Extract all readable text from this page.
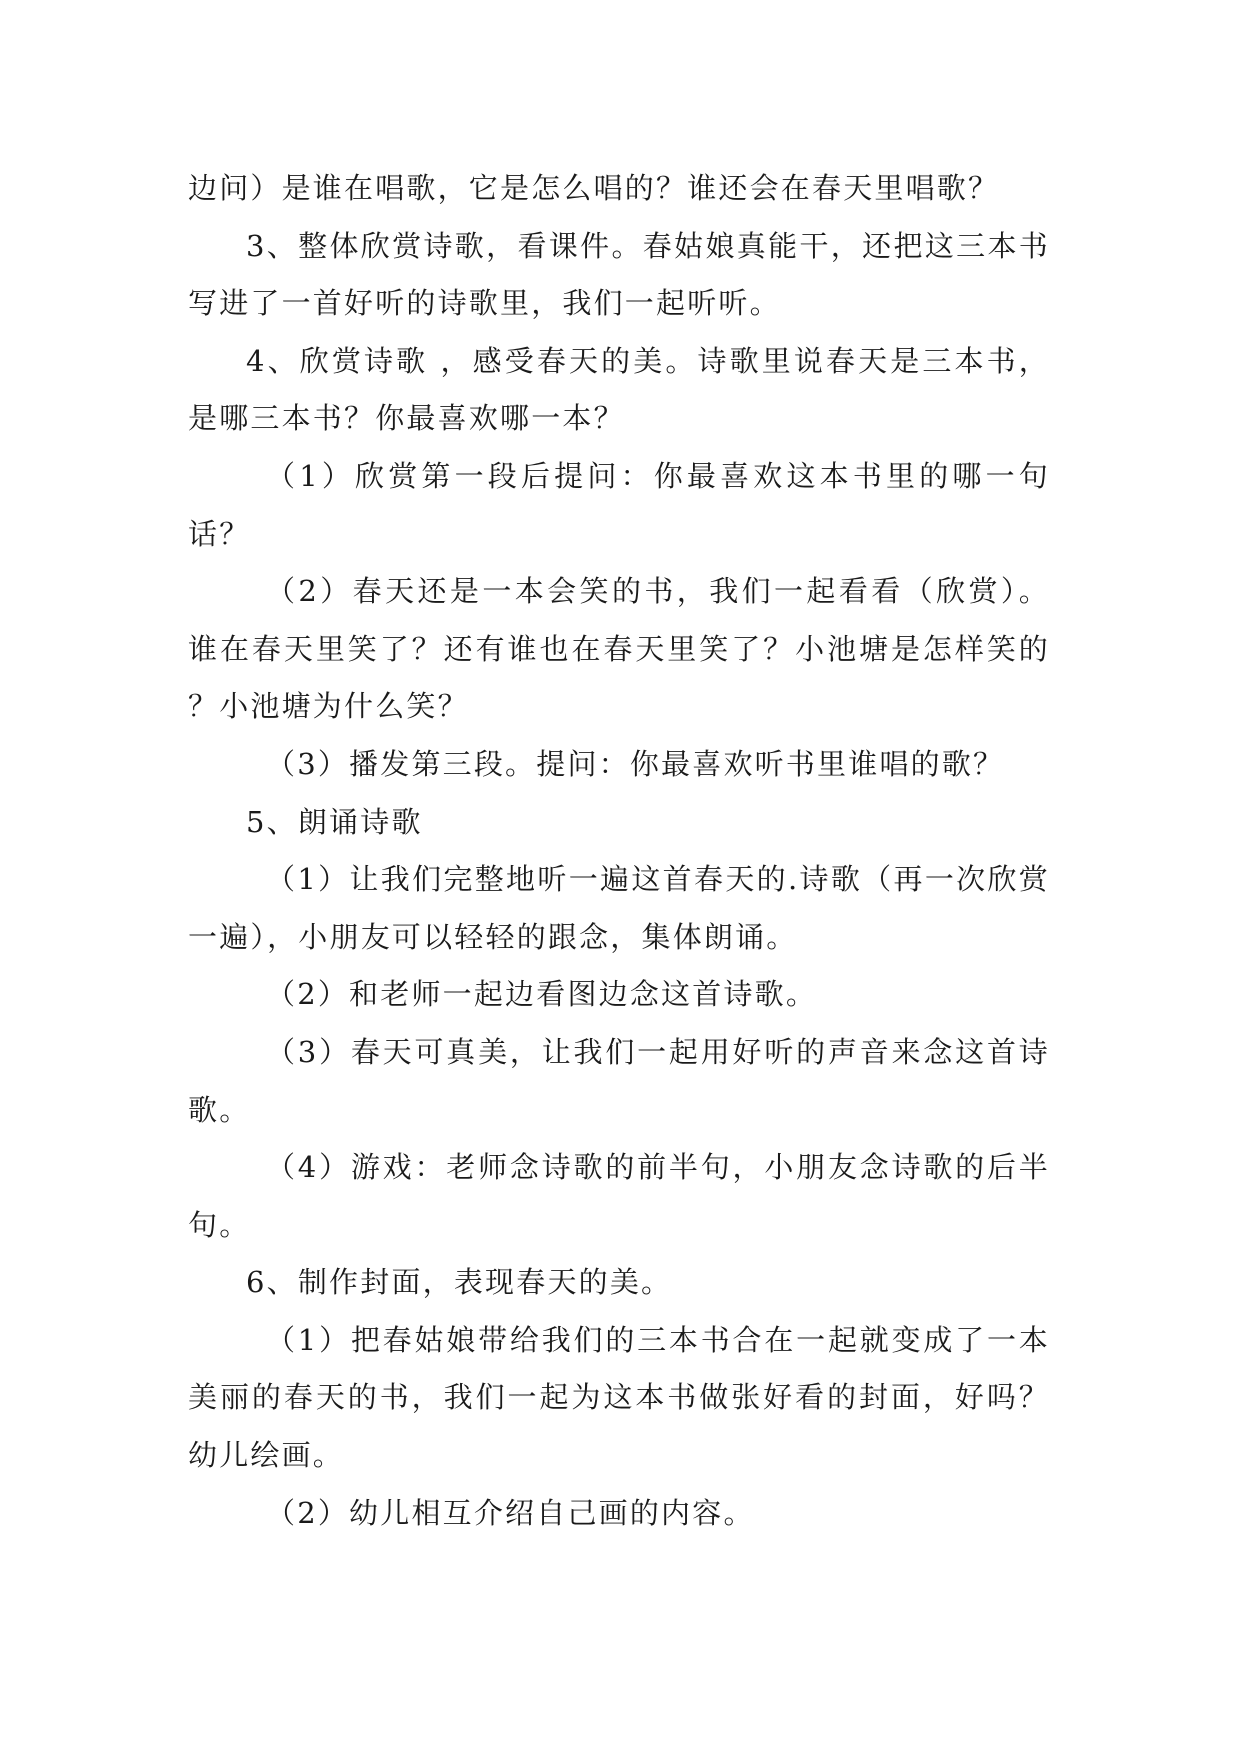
边问）是谁在唱歌，它是怎么唱的？谁还会在春天里唱歌？

3、整体欣赏诗歌，看课件。春姑娘真能干，还把这三本书写进了一首好听的诗歌里，我们一起听听。

4、欣赏诗歌 ，感受春天的美。诗歌里说春天是三本书，是哪三本书？你最喜欢哪一本？

（1）欣赏第一段后提问：你最喜欢这本书里的哪一句话？

（2）春天还是一本会笑的书，我们一起看看（欣赏）。谁在春天里笑了？还有谁也在春天里笑了？小池塘是怎样笑的 ？小池塘为什么笑？

（3）播发第三段。提问：你最喜欢听书里谁唱的歌？

5、朗诵诗歌

（1）让我们完整地听一遍这首春天的.诗歌（再一次欣赏一遍），小朋友可以轻轻的跟念，集体朗诵。

（2）和老师一起边看图边念这首诗歌。

（3）春天可真美，让我们一起用好听的声音来念这首诗歌。

（4）游戏：老师念诗歌的前半句，小朋友念诗歌的后半句。

6、制作封面，表现春天的美。

（1）把春姑娘带给我们的三本书合在一起就变成了一本美丽的春天的书，我们一起为这本书做张好看的封面，好吗？幼儿绘画。

（2）幼儿相互介绍自己画的内容。
